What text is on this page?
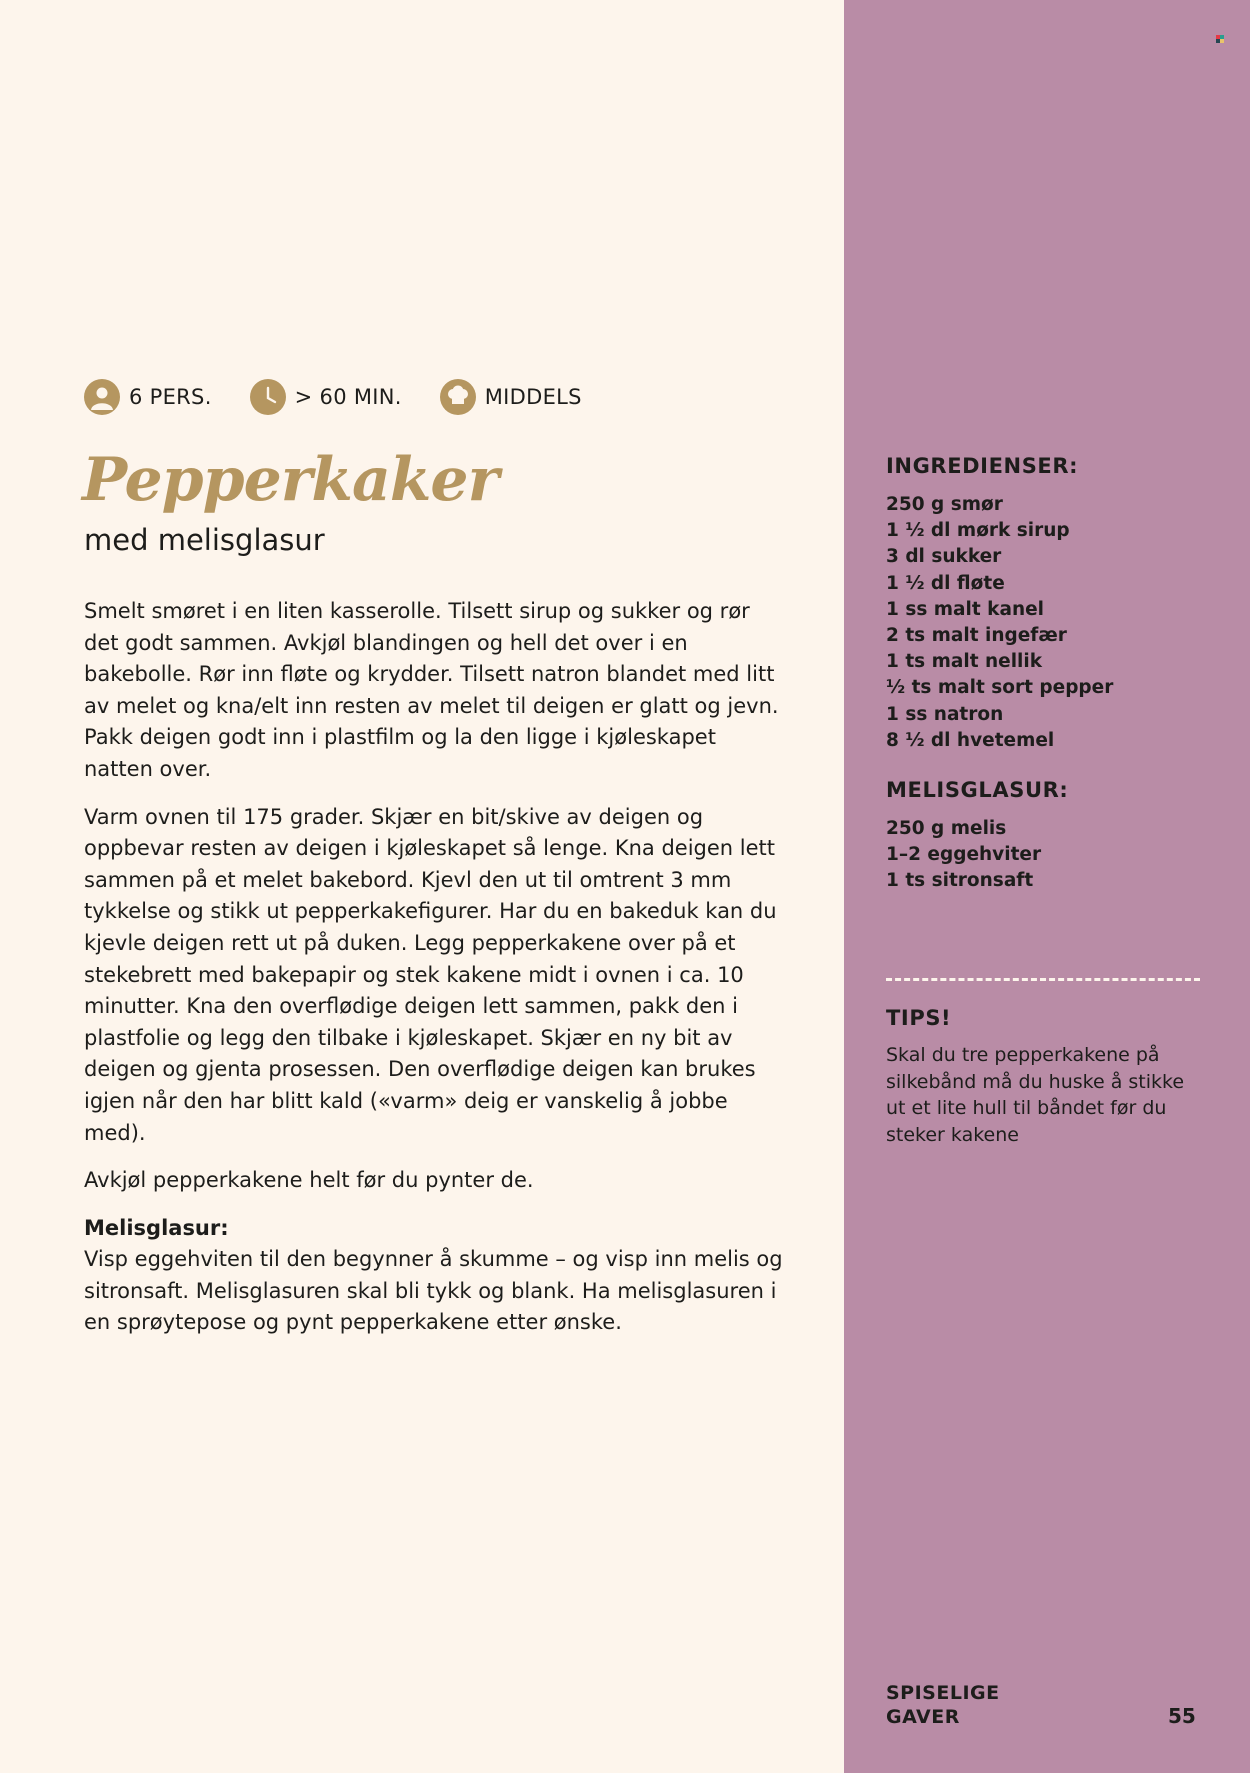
6 PERS.	> 60 MIN.	MIDDELS
Pepperkaker
med melisglasur

Smelt smøret i en liten kasserolle. Tilsett sirup og sukker og rør det godt sammen. Avkjøl blandingen og hell det over i en bakebolle. Rør inn fløte og krydder. Tilsett natron blandet med litt av melet og kna/elt inn resten av melet til deigen er glatt og jevn. Pakk deigen godt inn i plastfilm og la den ligge i kjøleskapet natten over.

Varm ovnen til 175 grader. Skjær en bit/skive av deigen og oppbevar resten av deigen i kjøleskapet så lenge. Kna deigen lett sammen på et melet bakebord. Kjevl den ut til omtrent 3 mm tykkelse og stikk ut pepperkakefigurer. Har du en bakeduk kan du kjevle deigen rett ut på duken. Legg pepperkakene over på et stekebrett med bakepapir og stek kakene midt i ovnen i ca. 10 minutter. Kna den overflødige deigen lett sammen, pakk den i plastfolie og legg den tilbake i kjøleskapet. Skjær en ny bit av deigen og gjenta prosessen. Den overflødige deigen kan brukes igjen når den har blitt kald («varm» deig er vanskelig å jobbe med).

Avkjøl pepperkakene helt før du pynter de.

Melisglasur:

Visp eggehviten til den begynner å skumme – og visp inn melis og sitronsaft. Melisglasuren skal bli tykk og blank. Ha melisglasuren i en sprøytepose og pynt pepperkakene etter ønske.

INGREDIENSER:
250 g smør
1 ½ dl mørk sirup
3 dl sukker
1 ½ dl fløte
1 ss malt kanel
2 ts malt ingefær
1 ts malt nellik
½ ts malt sort pepper
1 ss natron
8 ½ dl hvetemel
MELISGLASUR:
250 g melis
1–2 eggehviter
1 ts sitronsaft
TIPS!

Skal du tre pepperkakene på silkebånd må du huske å stikke ut et lite hull til båndet før du steker kakene

SPISELIGE
GAVER	55
